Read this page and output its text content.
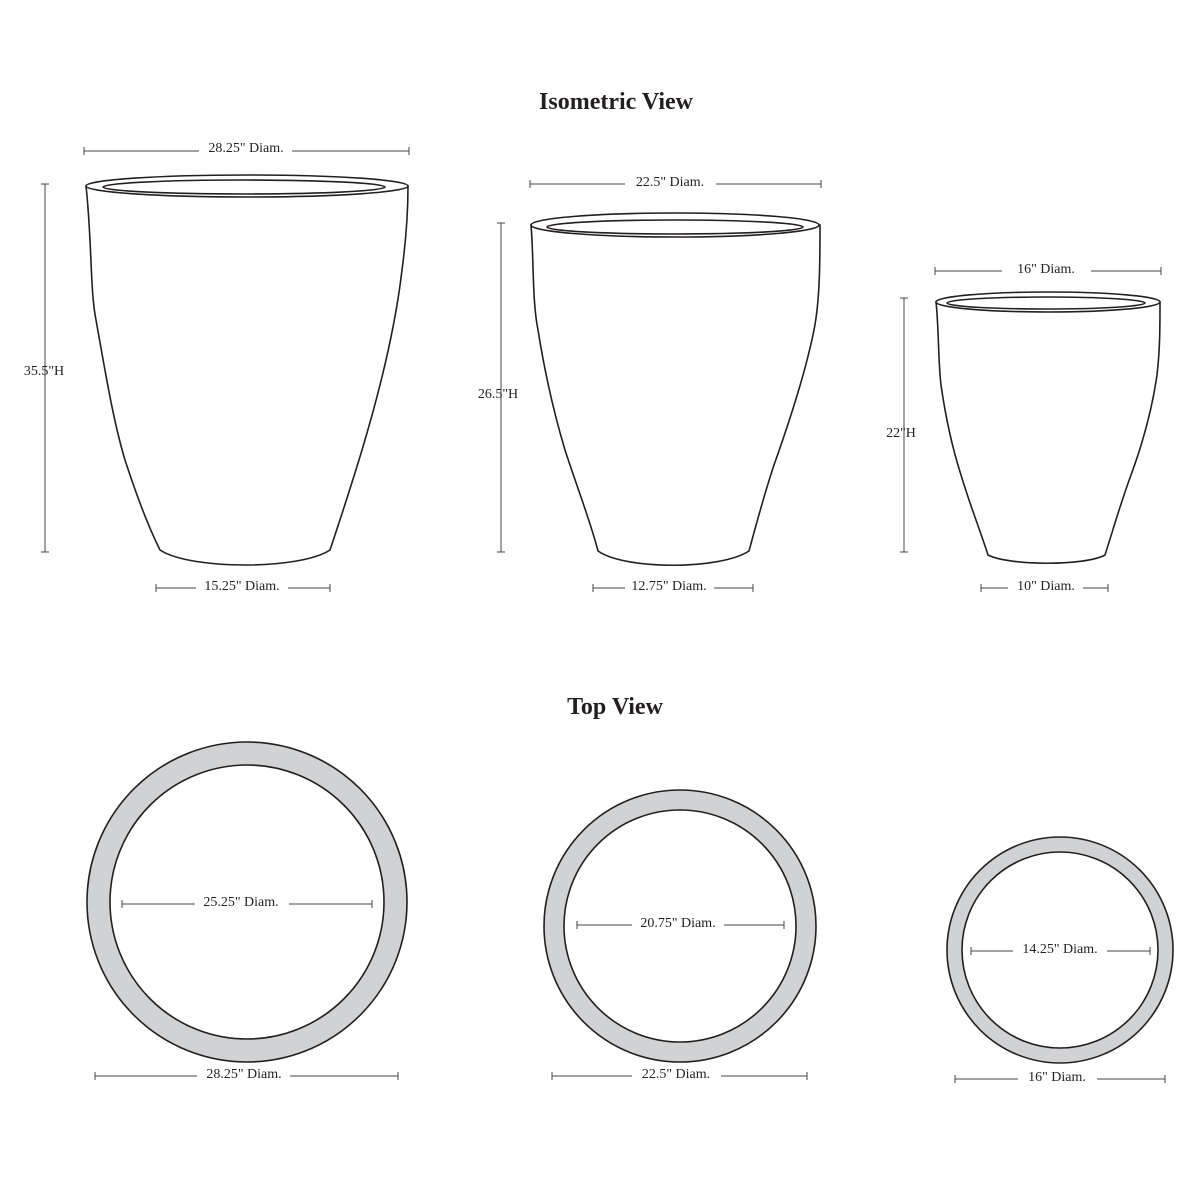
Isometric View
Top View
28.25" Diam.
35.5"H
15.25" Diam.
22.5" Diam.
26.5"H
12.75" Diam.
16" Diam.
22"H
10" Diam.
25.25" Diam.
28.25" Diam.
20.75" Diam.
22.5" Diam.
14.25" Diam.
16" Diam.
